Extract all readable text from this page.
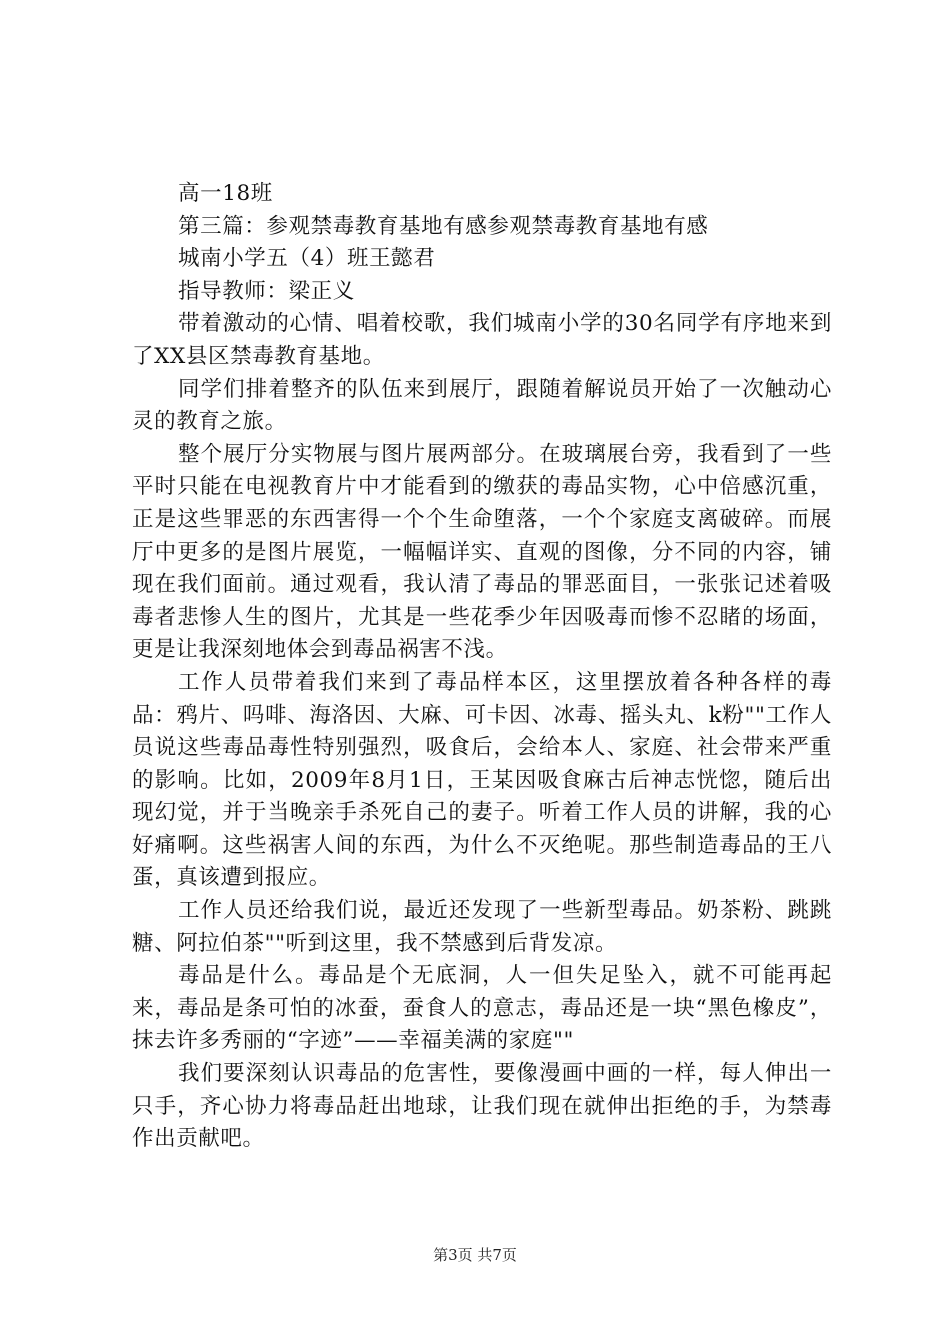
高一18班

第三篇：参观禁毒教育基地有感参观禁毒教育基地有感

城南小学五（4）班王懿君

指导教师：梁正义

带着激动的心情、唱着校歌，我们城南小学的30名同学有序地来到了XX县区禁毒教育基地。

同学们排着整齐的队伍来到展厅，跟随着解说员开始了一次触动心灵的教育之旅。

整个展厅分实物展与图片展两部分。在玻璃展台旁，我看到了一些平时只能在电视教育片中才能看到的缴获的毒品实物，心中倍感沉重，正是这些罪恶的东西害得一个个生命堕落，一个个家庭支离破碎。而展厅中更多的是图片展览，一幅幅详实、直观的图像，分不同的内容，铺现在我们面前。通过观看，我认清了毒品的罪恶面目，一张张记述着吸毒者悲惨人生的图片，尤其是一些花季少年因吸毒而惨不忍睹的场面，更是让我深刻地体会到毒品祸害不浅。

工作人员带着我们来到了毒品样本区，这里摆放着各种各样的毒品：鸦片、吗啡、海洛因、大麻、可卡因、冰毒、摇头丸、k粉""工作人员说这些毒品毒性特别强烈，吸食后，会给本人、家庭、社会带来严重的影响。比如，2009年8月1日，王某因吸食麻古后神志恍惚，随后出现幻觉，并于当晚亲手杀死自己的妻子。听着工作人员的讲解，我的心好痛啊。这些祸害人间的东西，为什么不灭绝呢。那些制造毒品的王八蛋，真该遭到报应。

工作人员还给我们说，最近还发现了一些新型毒品。奶茶粉、跳跳糖、阿拉伯茶""听到这里，我不禁感到后背发凉。

毒品是什么。毒品是个无底洞，人一但失足坠入，就不可能再起来，毒品是条可怕的冰蚕，蚕食人的意志，毒品还是一块“黑色橡皮”，抹去许多秀丽的“字迹”——幸福美满的家庭""

我们要深刻认识毒品的危害性，要像漫画中画的一样，每人伸出一只手，齐心协力将毒品赶出地球，让我们现在就伸出拒绝的手，为禁毒作出贡献吧。

第3页 共7页
